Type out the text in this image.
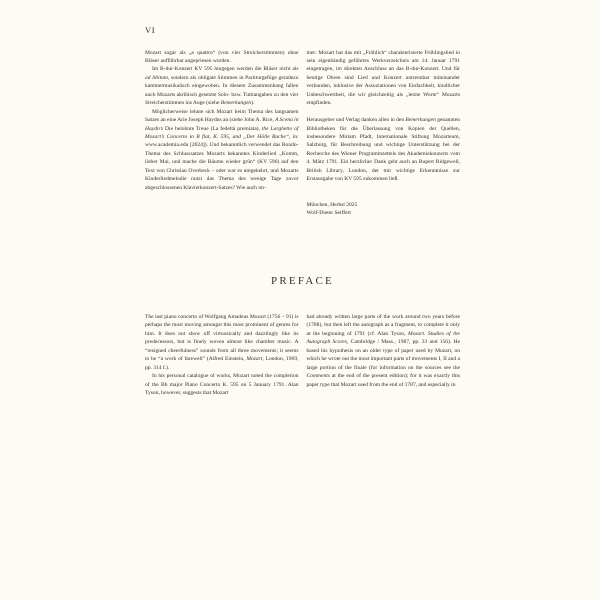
VI

Mozart sogar als „a quattro“ (von vier Streicherstimmen) ohne Bläser aufführbar angepriesen wurden.

Im B-dur-Konzert KV 595 hingegen werden die Bläser nicht als ad libitum, sondern als obligate Stimmen in Partiturgefüge geradezu kammermusikalisch eingewoben. In diesem Zusammenhang fallen auch Mozarts akribisch gesetzte Solo- bzw. Tuttiangaben zu den vier Streicherstimmen ins Auge (siehe Bemerkungen).

Möglicherweise lehnte sich Mozart beim Thema des langsamen Satzes an eine Arie Joseph Haydns an (siehe John A. Rice, A Scena in Haydn’s Die belohnte Treue (La fedeltà premiata), the Larghetto of Mozart’s Concerto in B flat, K. 595, and „Der Hölle Rache“, in: www.academia.edu [2024]). Und bekanntlich verwendet das Rondo-Thema des Schlusssatzes Mozarts bekanntes Kinderlied „Komm, lieber Mai, und mache die Bäume wieder grün“ (KV 596) auf den Text von Christian Overbeck – oder war es umgekehrt, und Mozarts Kinderliedmelodie nutzt das Thema des wenige Tage zuvor abgeschlossenen Klavierkonzert-Satzes? Wie auch im-

mer: Mozart hat das mit „Fröhlich“ charakterisierte Frühlingslied in sein eigenhändig geführtes Werkverzeichnis am 14. Januar 1791 eingetragen, im direkten Anschluss an das B-dur-Konzert. Und für heutige Ohren sind Lied und Konzert untrennbar miteinander verbunden, inklusive der Assoziationen von Einfachheit, kindlicher Unbeschwertheit, die wir gleichzeitig als „letzte Worte“ Mozarts empfinden.

Herausgeber und Verlag danken allen in den Bemerkungen genannten Bibliotheken für die Überlassung von Kopien der Quellen, insbesondere Miriam Pfadt, Internationale Stiftung Mozarteum, Salzburg, für Beschreibung und wichtige Unterstützung bei der Recherche des Wiener Programmzettels des Akademiekonzerts vom 4. März 1791. Ein herzlicher Dank geht auch an Rupert Ridgewell, British Library, London, der mir wichtige Erkenntnisse zur Erstausgabe von KV 595 zukommen ließ.

München, Herbst 2025

Wolf-Dieter Seiffert

PREFACE

The last piano concerto of Wolfgang Amadeus Mozart (1756 – 91) is perhaps the most moving amongst this most prominent of genres for him. It does not show off virtuosically and dazzlingly like its predecessors, but is finely woven almost like chamber music. A “resigned cheerfulness” sounds from all three movements; it seems to be “a work of farewell” (Alfred Einstein, Mozart, London, 1969, pp. 314 f.).

In his personal catalogue of works, Mozart noted the completion of the Bb major Piano Concerto K. 595 on 5 January 1791. Alan Tyson, however, suggests that Mozart

had already written large parts of the work around two years before (1788), but then left the autograph as a fragment, to complete it only at the beginning of 1791 (cf. Alan Tyson, Mozart. Studies of the Autograph Scores, Cambridge / Mass., 1987, pp. 33 and 156). He based his hypothesis on an older type of paper used by Mozart, on which he wrote out the most important parts of movements I, II and a large portion of the finale (for information on the sources see the Comments at the end of the present edition); for it was exactly this paper type that Mozart used from the end of 1787, and especially in
